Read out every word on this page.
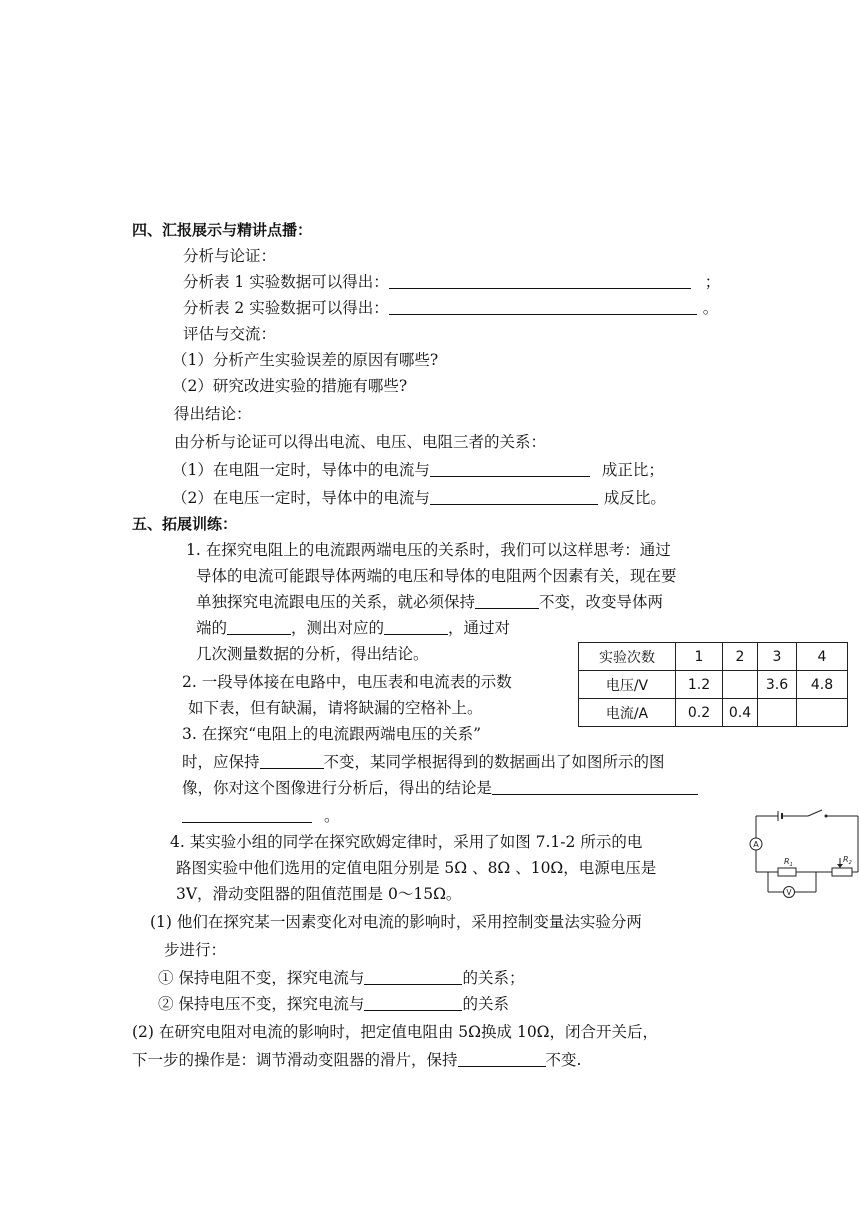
四、汇报展示与精讲点播：
分析与论证：
分析表 1 实验数据可以得出：	；
分析表 2 实验数据可以得出：	。
评估与交流：
（1）分析产生实验误差的原因有哪些?
（2）研究改进实验的措施有哪些?
得出结论：
由分析与论证可以得出电流、电压、电阻三者的关系：
（1）在电阻一定时，导体中的电流与	成正比；
（2）在电压一定时，导体中的电流与	成反比。
五、拓展训练：
1. 在探究电阻上的电流跟两端电压的关系时，我们可以这样思考：通过
导体的电流可能跟导体两端的电压和导体的电阻两个因素有关，现在要
单独探究电流跟电压的关系，就必须保持	不变，改变导体两
端的	，测出对应的	，通过对
几次测量数据的分析，得出结论。
2. 一段导体接在电路中，电压表和电流表的示数
如下表，但有缺漏，请将缺漏的空格补上。
3. 在探究“电阻上的电流跟两端电压的关系”
时，应保持	不变，某同学根据得到的数据画出了如图所示的图
像，你对这个图像进行分析后，得出的结论是
。
4. 某实验小组的同学在探究欧姆定律时，采用了如图 7.1-2 所示的电
路图实验中他们选用的定值电阻分别是 5Ω 、8Ω 、10Ω，电源电压是
3V，滑动变阻器的阻值范围是 0～15Ω。
(1) 他们在探究某一因素变化对电流的影响时，采用控制变量法实验分两
步进行：
① 保持电阻不变，探究电流与	的关系；
② 保持电压不变，探究电流与	的关系
(2) 在研究电阻对电流的影响时，把定值电阻由 5Ω换成 10Ω，闭合开关后，
下一步的操作是：调节滑动变阻器的滑片，保持	不变.
实验次数	1	2	3	4
电压/V	1.2		3.6	4.8
电流/A	0.2	0.4		
A
$R_1$
$R_2$
V
